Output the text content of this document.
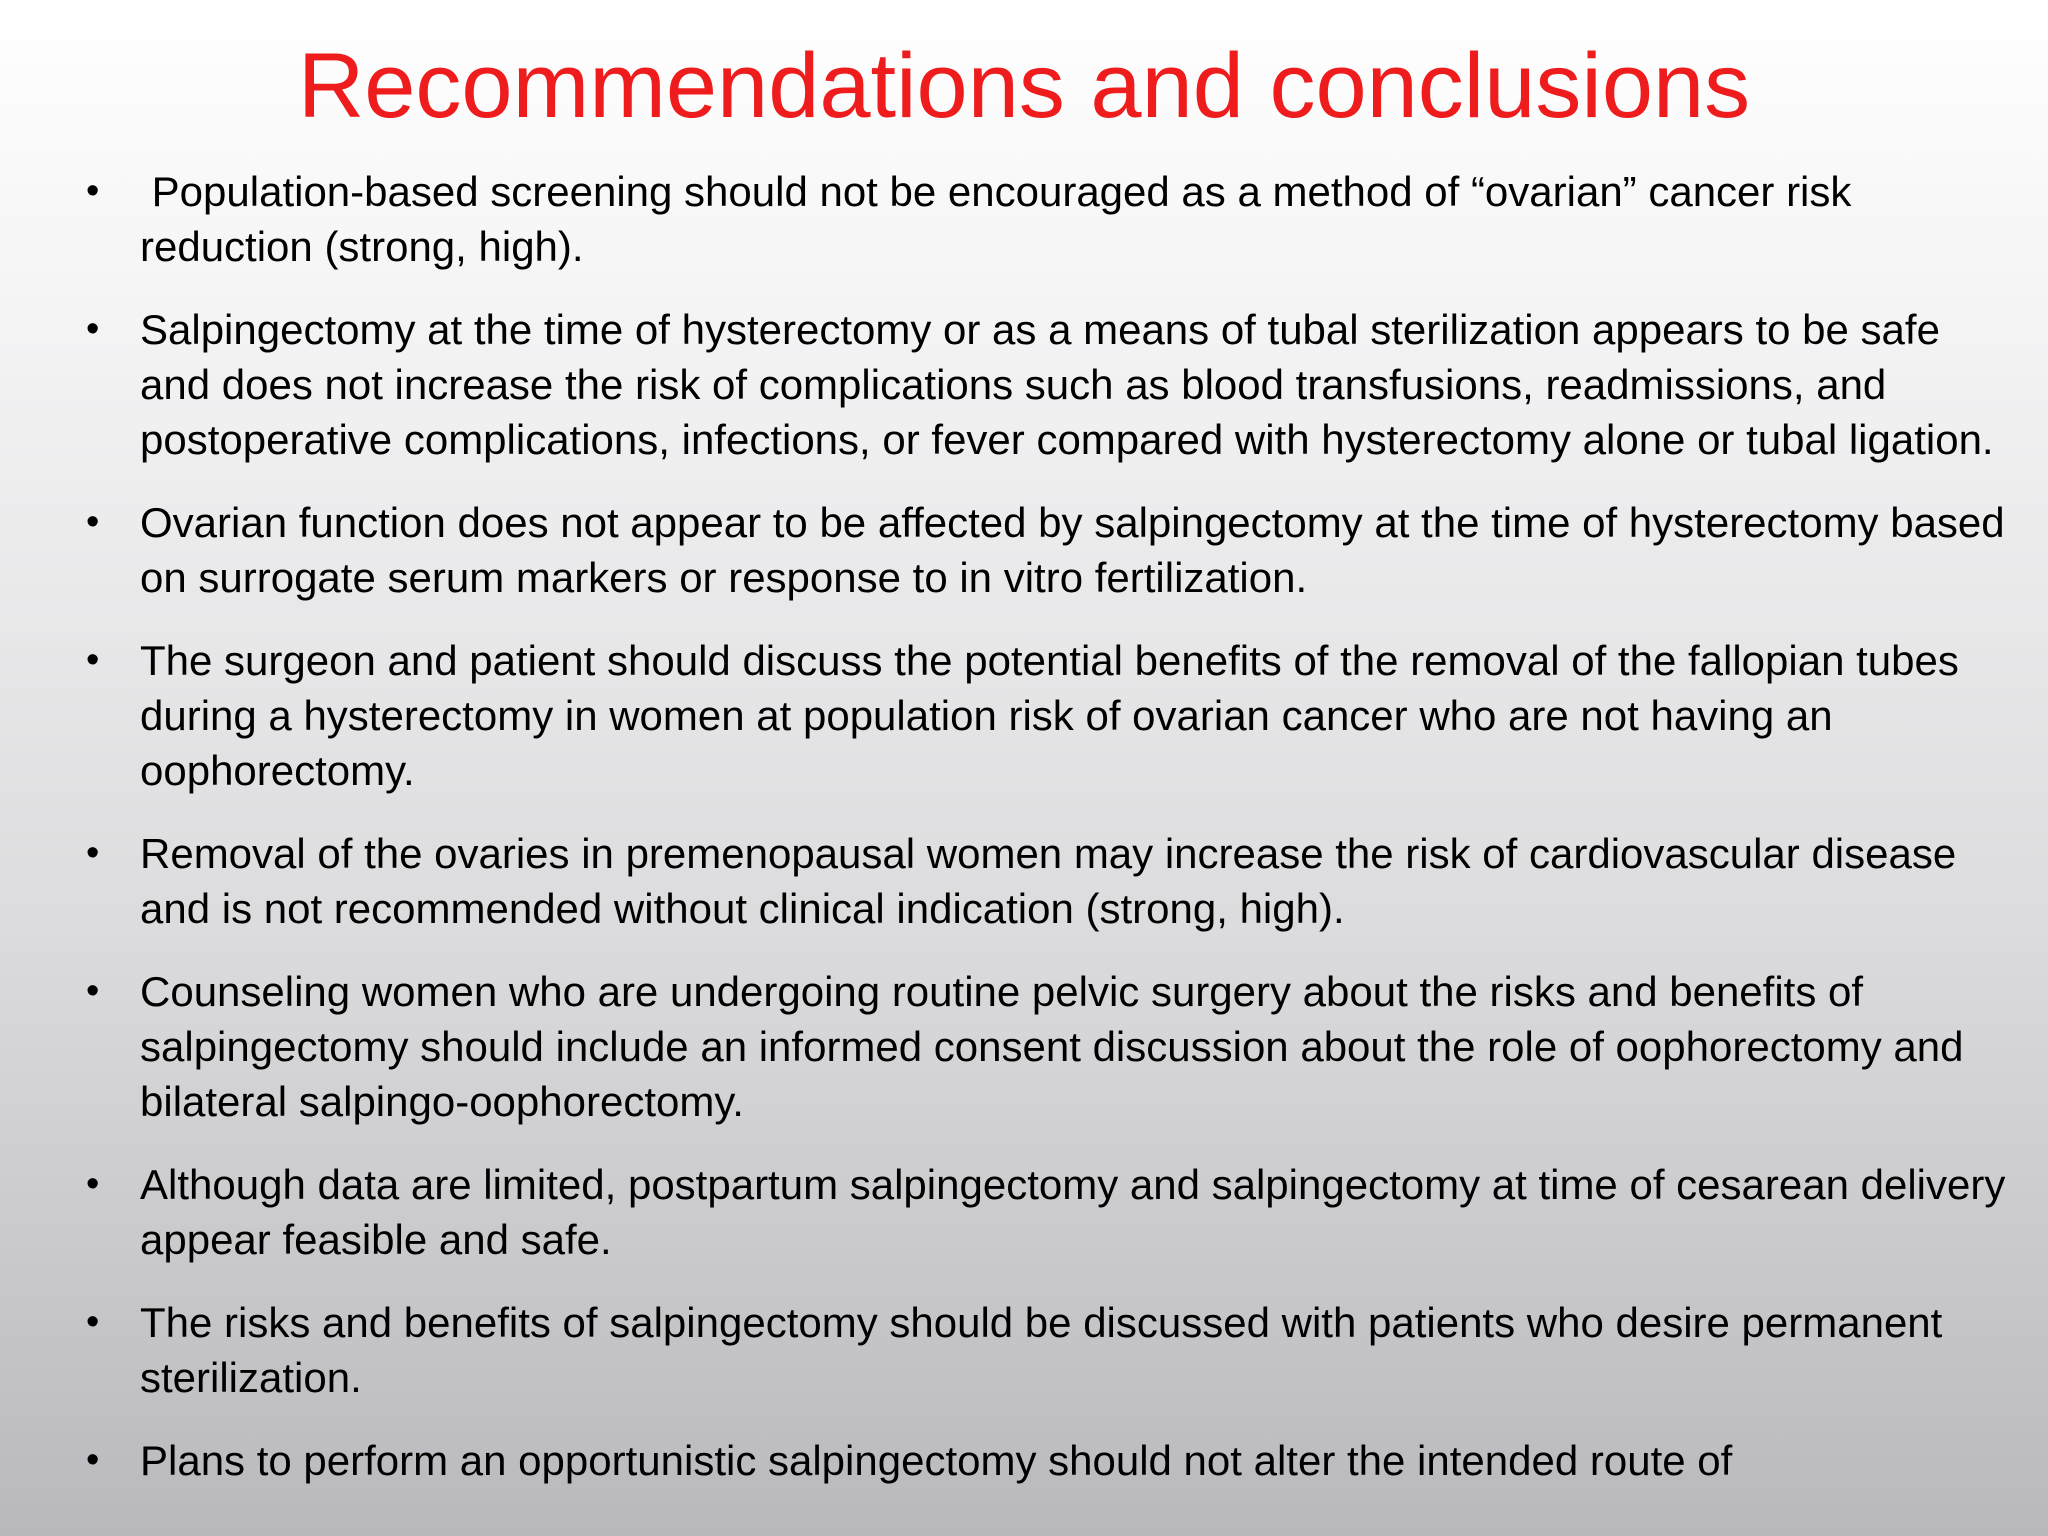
Recommendations and conclusions
• Population-based screening should not be encouraged as a method of “ovarian” cancer risk reduction (strong, high).
• Salpingectomy at the time of hysterectomy or as a means of tubal sterilization appears to be safe and does not increase the risk of complications such as blood transfusions, readmissions, and postoperative complications, infections, or fever compared with hysterectomy alone or tubal ligation.
• Ovarian function does not appear to be affected by salpingectomy at the time of hysterectomy based on surrogate serum markers or response to in vitro fertilization.
• The surgeon and patient should discuss the potential benefits of the removal of the fallopian tubes during a hysterectomy in women at population risk of ovarian cancer who are not having an oophorectomy.
• Removal of the ovaries in premenopausal women may increase the risk of cardiovascular disease and is not recommended without clinical indication (strong, high).
• Counseling women who are undergoing routine pelvic surgery about the risks and benefits of salpingectomy should include an informed consent discussion about the role of oophorectomy and bilateral salpingo-oophorectomy.
• Although data are limited, postpartum salpingectomy and salpingectomy at time of cesarean delivery appear feasible and safe.
• The risks and benefits of salpingectomy should be discussed with patients who desire permanent sterilization.
• Plans to perform an opportunistic salpingectomy should not alter the intended route of
